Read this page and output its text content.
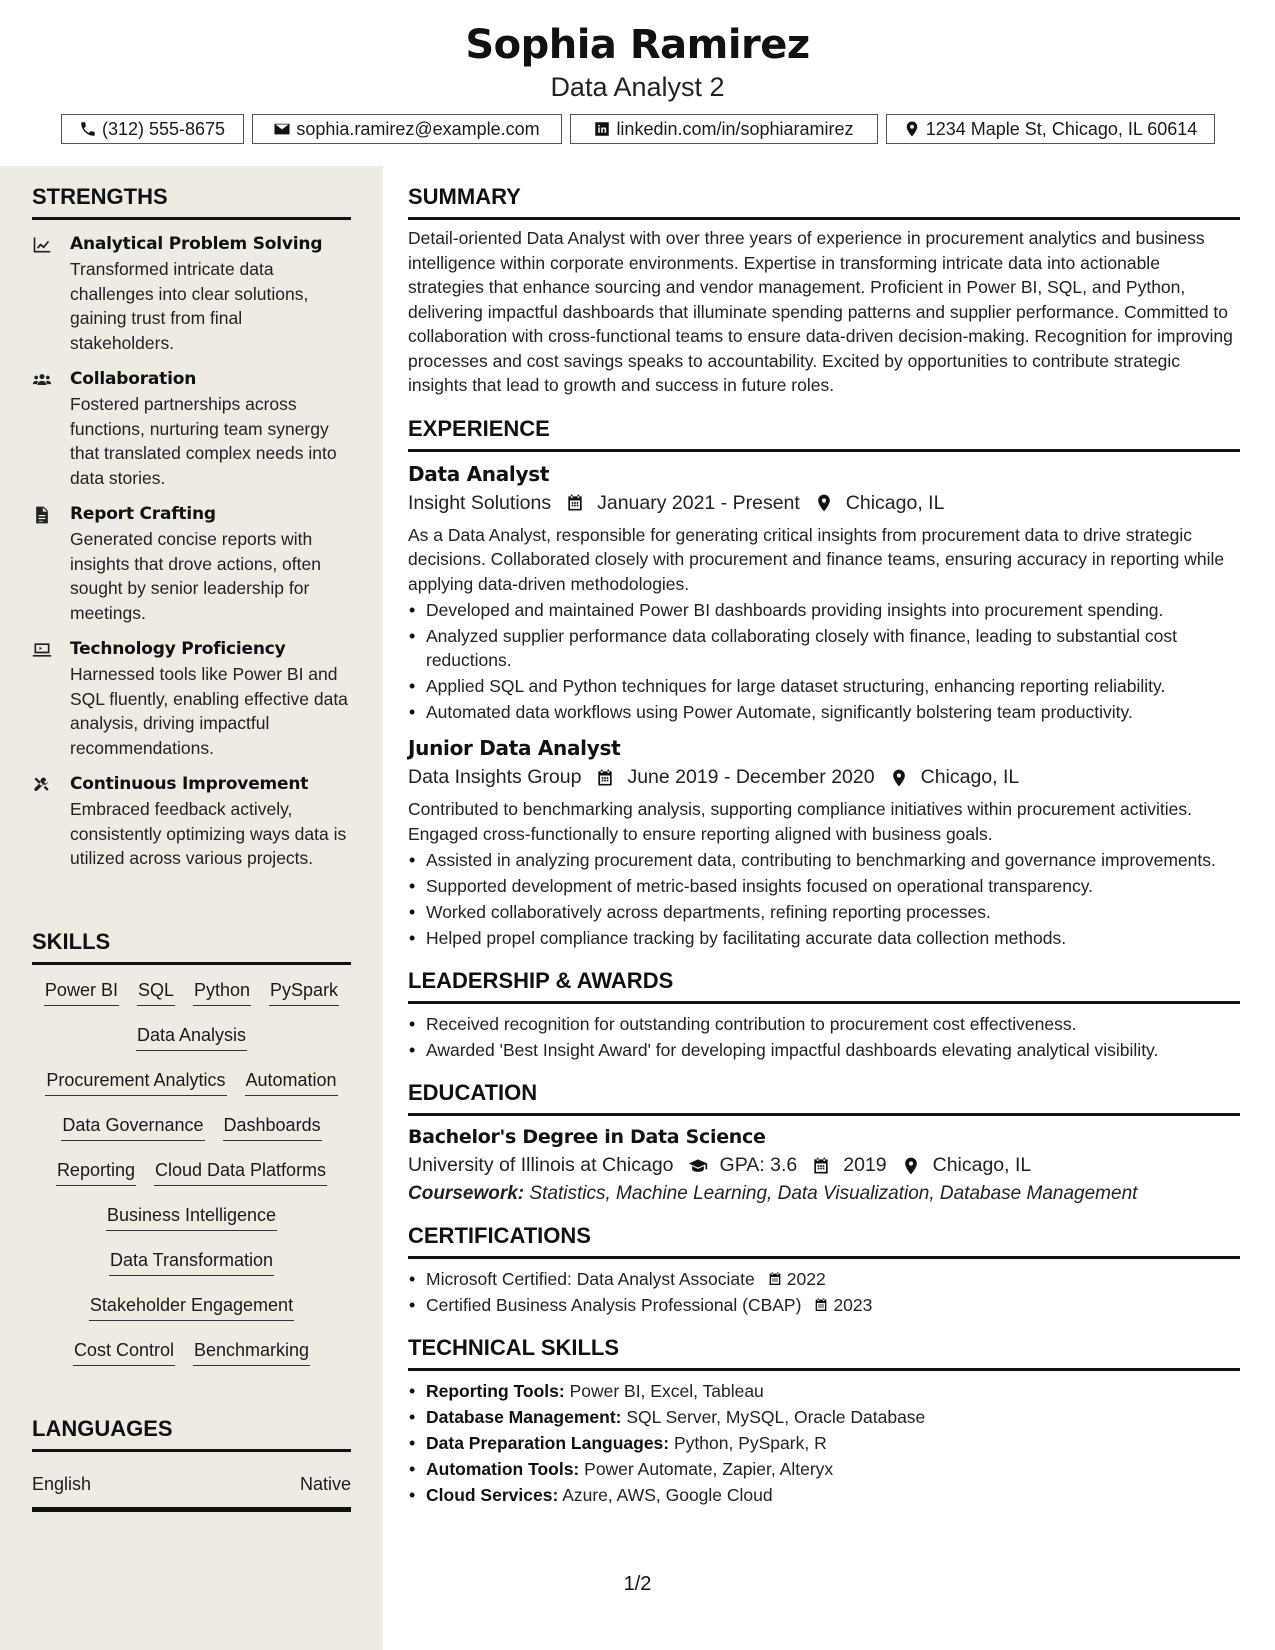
Sophia Ramirez
Data Analyst 2
(312) 555-8675	sophia.ramirez@example.com	linkedin.com/in/sophiaramirez	1234 Maple St, Chicago, IL 60614
STRENGTHS
Analytical Problem Solving
Transformed intricate data challenges into clear solutions, gaining trust from final stakeholders.
Collaboration
Fostered partnerships across functions, nurturing team synergy that translated complex needs into data stories.
Report Crafting
Generated concise reports with insights that drove actions, often sought by senior leadership for meetings.
Technology Proficiency
Harnessed tools like Power BI and SQL fluently, enabling effective data analysis, driving impactful recommendations.
Continuous Improvement
Embraced feedback actively, consistently optimizing ways data is utilized across various projects.
SKILLS
Power BI SQL Python PySpark
Data Analysis
Procurement Analytics Automation
Data Governance Dashboards
Reporting Cloud Data Platforms
Business Intelligence
Data Transformation
Stakeholder Engagement
Cost Control Benchmarking
LANGUAGES
English	Native
SUMMARY
Detail-oriented Data Analyst with over three years of experience in procurement analytics and business intelligence within corporate environments. Expertise in transforming intricate data into actionable strategies that enhance sourcing and vendor management. Proficient in Power BI, SQL, and Python, delivering impactful dashboards that illuminate spending patterns and supplier performance. Committed to collaboration with cross-functional teams to ensure data-driven decision-making. Recognition for improving processes and cost savings speaks to accountability. Excited by opportunities to contribute strategic insights that lead to growth and success in future roles.
EXPERIENCE
Data Analyst
Insight Solutions January 2021 - Present Chicago, IL
As a Data Analyst, responsible for generating critical insights from procurement data to drive strategic decisions. Collaborated closely with procurement and finance teams, ensuring accuracy in reporting while applying data-driven methodologies.
• Developed and maintained Power BI dashboards providing insights into procurement spending.
• Analyzed supplier performance data collaborating closely with finance, leading to substantial cost reductions.
• Applied SQL and Python techniques for large dataset structuring, enhancing reporting reliability.
• Automated data workflows using Power Automate, significantly bolstering team productivity.
Junior Data Analyst
Data Insights Group June 2019 - December 2020 Chicago, IL
Contributed to benchmarking analysis, supporting compliance initiatives within procurement activities. Engaged cross-functionally to ensure reporting aligned with business goals.
• Assisted in analyzing procurement data, contributing to benchmarking and governance improvements.
• Supported development of metric-based insights focused on operational transparency.
• Worked collaboratively across departments, refining reporting processes.
• Helped propel compliance tracking by facilitating accurate data collection methods.
LEADERSHIP & AWARDS
• Received recognition for outstanding contribution to procurement cost effectiveness.
• Awarded 'Best Insight Award' for developing impactful dashboards elevating analytical visibility.
EDUCATION
Bachelor's Degree in Data Science
University of Illinois at Chicago GPA: 3.6 2019 Chicago, IL
Coursework: Statistics, Machine Learning, Data Visualization, Database Management
CERTIFICATIONS
• Microsoft Certified: Data Analyst Associate 2022
• Certified Business Analysis Professional (CBAP) 2023
TECHNICAL SKILLS
• Reporting Tools: Power BI, Excel, Tableau
• Database Management: SQL Server, MySQL, Oracle Database
• Data Preparation Languages: Python, PySpark, R
• Automation Tools: Power Automate, Zapier, Alteryx
• Cloud Services: Azure, AWS, Google Cloud
1/2
